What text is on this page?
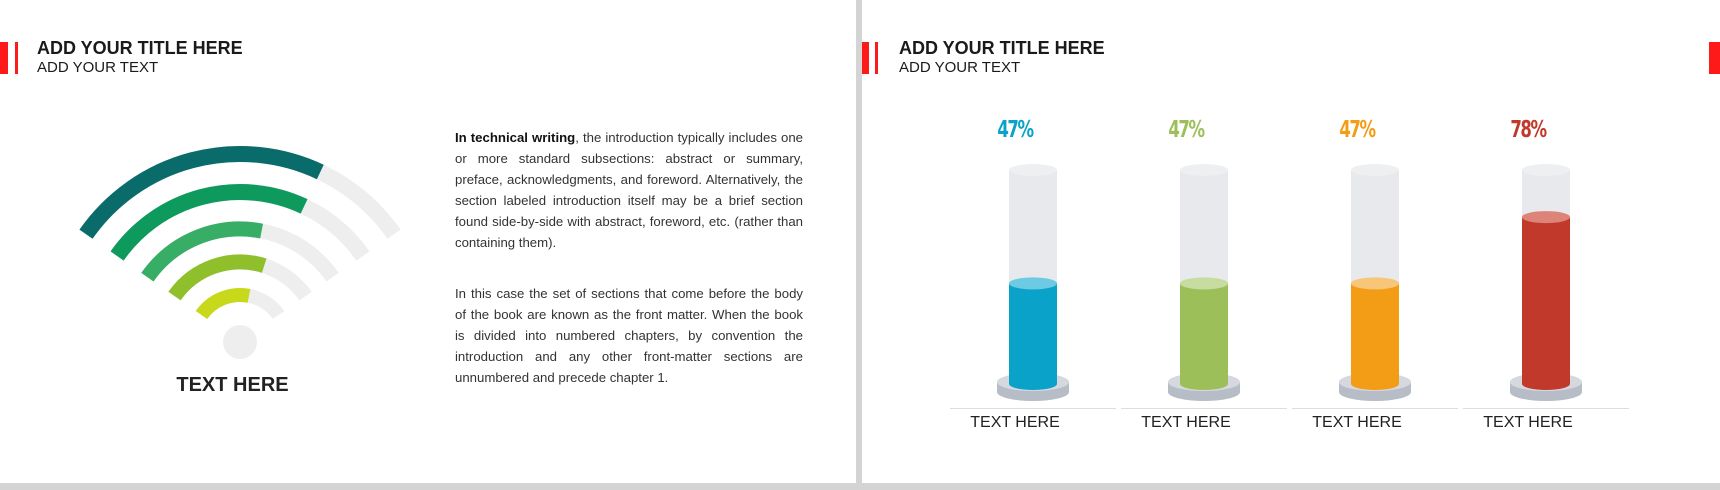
ADD YOUR TITLE HERE
ADD YOUR TEXT
TEXT HERE
In technical writing, the introduction typically includes one or more standard subsections: abstract or summary, preface, acknowledgments, and foreword. Alternatively, the section labeled introduction itself may be a brief section found side-by-side with abstract, foreword, etc. (rather than containing them).
In this case the set of sections that come before the body of the book are known as the front matter. When the book is divided into numbered chapters, by convention the introduction and any other front-matter sections are unnumbered and precede chapter 1.
ADD YOUR TITLE HERE
ADD YOUR TEXT
47%	47%	47%	78%
TEXT HERE	TEXT HERE	TEXT HERE	TEXT HERE
